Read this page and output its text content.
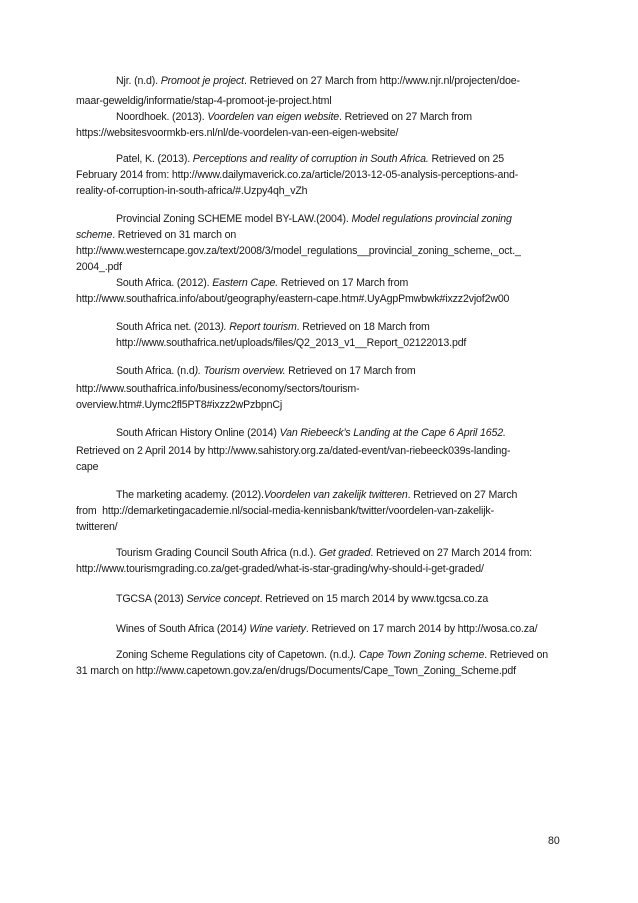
Njr. (n.d). Promoot je project. Retrieved on 27 March from http://www.njr.nl/projecten/doe-
maar-geweldig/informatie/stap-4-promoot-je-project.html
Noordhoek. (2013). Voordelen van eigen website. Retrieved on 27 March from
https://websitesvoormkb-ers.nl/nl/de-voordelen-van-een-eigen-website/
Patel, K. (2013). Perceptions and reality of corruption in South Africa. Retrieved on 25
February 2014 from: http://www.dailymaverick.co.za/article/2013-12-05-analysis-perceptions-and-
reality-of-corruption-in-south-africa/#.Uzpy4qh_vZh
Provincial Zoning SCHEME model BY-LAW.(2004). Model regulations provincial zoning
scheme. Retrieved on 31 march on
http://www.westerncape.gov.za/text/2008/3/model_regulations__provincial_zoning_scheme,_oct._
2004_.pdf
South Africa. (2012). Eastern Cape. Retrieved on 17 March from
http://www.southafrica.info/about/geography/eastern-cape.htm#.UyAgpPmwbwk#ixzz2vjof2w00
South Africa net. (2013). Report tourism. Retrieved on 18 March from
http://www.southafrica.net/uploads/files/Q2_2013_v1__Report_02122013.pdf
South Africa. (n.d). Tourism overview. Retrieved on 17 March from
http://www.southafrica.info/business/economy/sectors/tourism-
overview.htm#.Uymc2fl5PT8#ixzz2wPzbpnCj
South African History Online (2014) Van Riebeeck’s Landing at the Cape 6 April 1652.
Retrieved on 2 April 2014 by http://www.sahistory.org.za/dated-event/van-riebeeck039s-landing-
cape
The marketing academy. (2012).Voordelen van zakelijk twitteren. Retrieved on 27 March
from  http://demarketingacademie.nl/social-media-kennisbank/twitter/voordelen-van-zakelijk-
twitteren/
Tourism Grading Council South Africa (n.d.). Get graded. Retrieved on 27 March 2014 from:
http://www.tourismgrading.co.za/get-graded/what-is-star-grading/why-should-i-get-graded/
TGCSA (2013) Service concept. Retrieved on 15 march 2014 by www.tgcsa.co.za
Wines of South Africa (2014) Wine variety. Retrieved on 17 march 2014 by http://wosa.co.za/
Zoning Scheme Regulations city of Capetown. (n.d.). Cape Town Zoning scheme. Retrieved on
31 march on http://www.capetown.gov.za/en/drugs/Documents/Cape_Town_Zoning_Scheme.pdf
80
